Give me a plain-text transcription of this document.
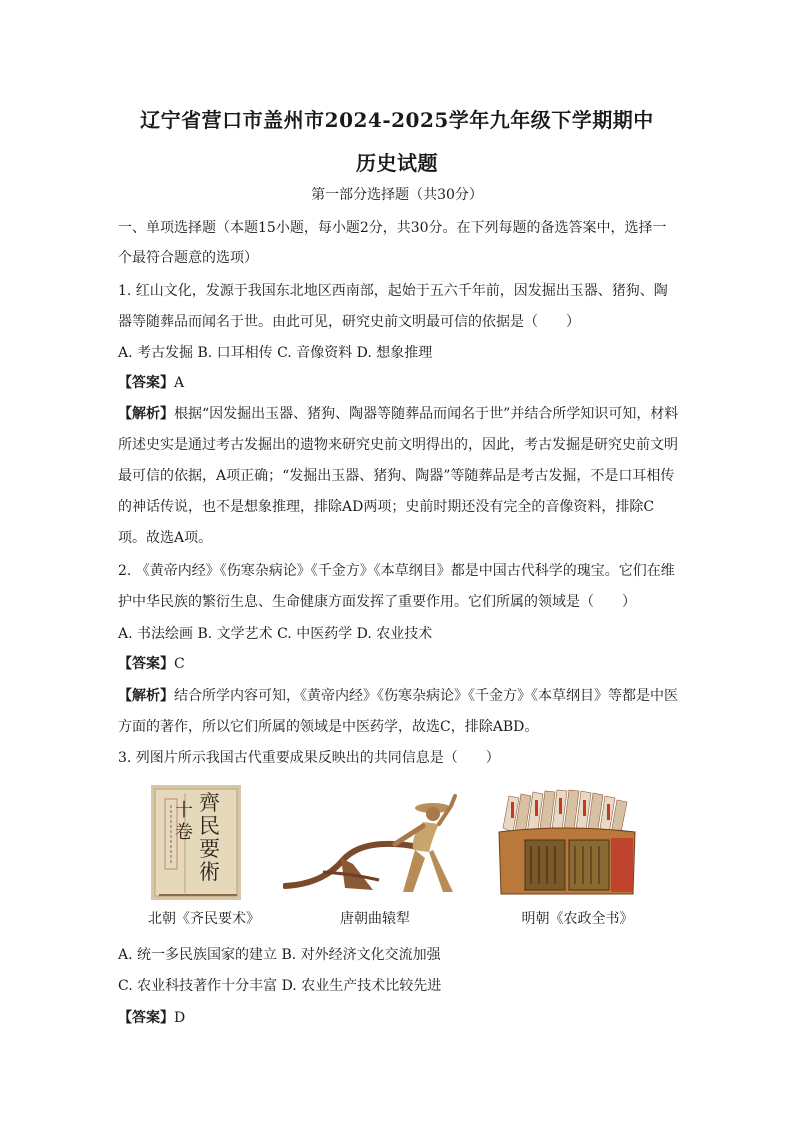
辽宁省营口市盖州市2024-2025学年九年级下学期期中
历史试题
第一部分选择题（共30分）
一、单项选择题（本题15小题，每小题2分，共30分。在下列每题的备选答案中，选择一
个最符合题意的选项）
1. 红山文化，发源于我国东北地区西南部，起始于五六千年前，因发掘出玉器、猪狗、陶
器等随葬品而闻名于世。由此可见，研究史前文明最可信的依据是（　　）
A. 考古发掘 B. 口耳相传 C. 音像资料 D. 想象推理
【答案】A
【解析】根据“因发掘出玉器、猪狗、陶器等随葬品而闻名于世”并结合所学知识可知，材料
所述史实是通过考古发掘出的遗物来研究史前文明得出的，因此，考古发掘是研究史前文明
最可信的依据，A项正确；“发掘出玉器、猪狗、陶器”等随葬品是考古发掘，不是口耳相传
的神话传说，也不是想象推理，排除AD两项；史前时期还没有完全的音像资料，排除C
项。故选A项。
2. 《黄帝内经》《伤寒杂病论》《千金方》《本草纲目》都是中国古代科学的瑰宝。它们在维
护中华民族的繁衍生息、生命健康方面发挥了重要作用。它们所属的领域是（　　）
A. 书法绘画 B. 文学艺术 C. 中医药学 D. 农业技术
【答案】C
【解析】结合所学内容可知，《黄帝内经》《伤寒杂病论》《千金方》《本草纲目》等都是中医
方面的著作，所以它们所属的领域是中医药学，故选C，排除ABD。
3. 列图片所示我国古代重要成果反映出的共同信息是（　　）
齊民要術
十卷
北朝《齐民要术》	唐朝曲辕犁	明朝《农政全书》
A. 统一多民族国家的建立 B. 对外经济文化交流加强
C. 农业科技著作十分丰富 D. 农业生产技术比较先进
【答案】D
